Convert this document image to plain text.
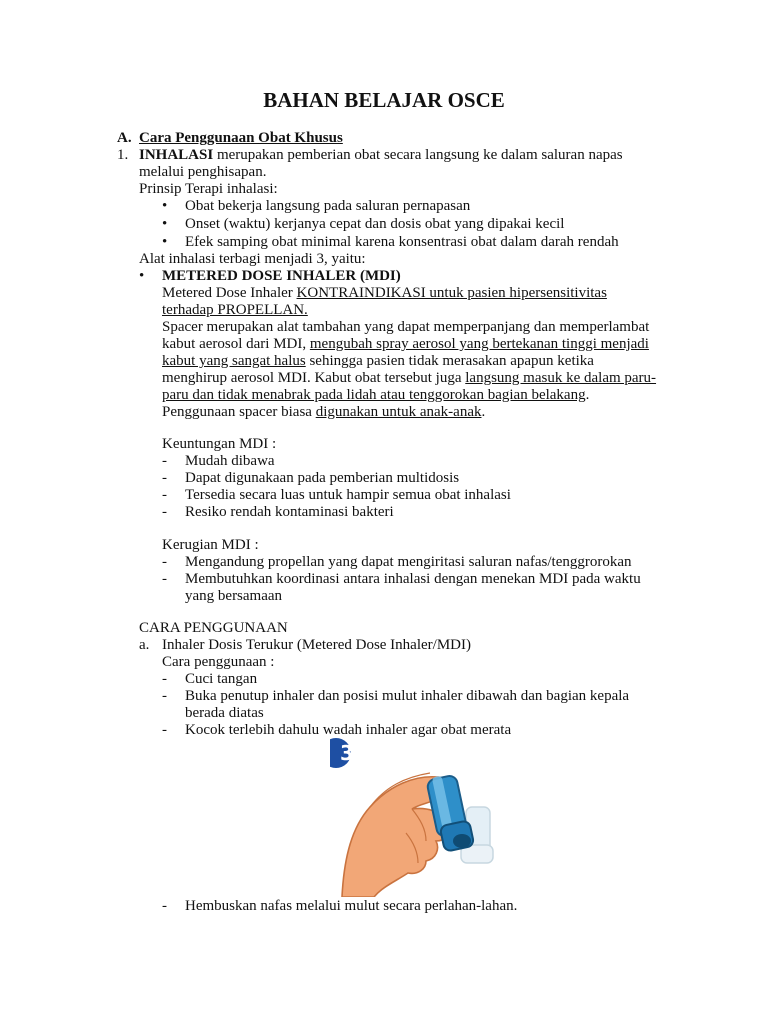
BAHAN BELAJAR OSCE
A. Cara Penggunaan Obat Khusus
1. INHALASI merupakan pemberian obat secara langsung ke dalam saluran napas
melalui penghisapan.
Prinsip Terapi inhalasi:
• Obat bekerja langsung pada saluran pernapasan
• Onset (waktu) kerjanya cepat dan dosis obat yang dipakai kecil
• Efek samping obat minimal karena konsentrasi obat dalam darah rendah
Alat inhalasi terbagi menjadi 3, yaitu:
• METERED DOSE INHALER (MDI)
Metered Dose Inhaler KONTRAINDIKASI untuk pasien hipersensitivitas
terhadap PROPELLAN.
Spacer merupakan alat tambahan yang dapat memperpanjang dan memperlambat
kabut aerosol dari MDI, mengubah spray aerosol yang bertekanan tinggi menjadi
kabut yang sangat halus sehingga pasien tidak merasakan apapun ketika
menghirup aerosol MDI. Kabut obat tersebut juga langsung masuk ke dalam paru-
paru dan tidak menabrak pada lidah atau tenggorokan bagian belakang.
Penggunaan spacer biasa digunakan untuk anak-anak.
Keuntungan MDI :
- Mudah dibawa
- Dapat digunakaan pada pemberian multidosis
- Tersedia secara luas untuk hampir semua obat inhalasi
- Resiko rendah kontaminasi bakteri
Kerugian MDI :
- Mengandung propellan yang dapat mengiritasi saluran nafas/tenggrorokan
- Membutuhkan koordinasi antara inhalasi dengan menekan MDI pada waktu
yang bersamaan
CARA PENGGUNAAN
a. Inhaler Dosis Terukur (Metered Dose Inhaler/MDI)
Cara penggunaan :
- Cuci tangan
- Buka penutup inhaler dan posisi mulut inhaler dibawah dan bagian kepala
berada diatas
- Kocok terlebih dahulu wadah inhaler agar obat merata
3
- Hembuskan nafas melalui mulut secara perlahan-lahan.
